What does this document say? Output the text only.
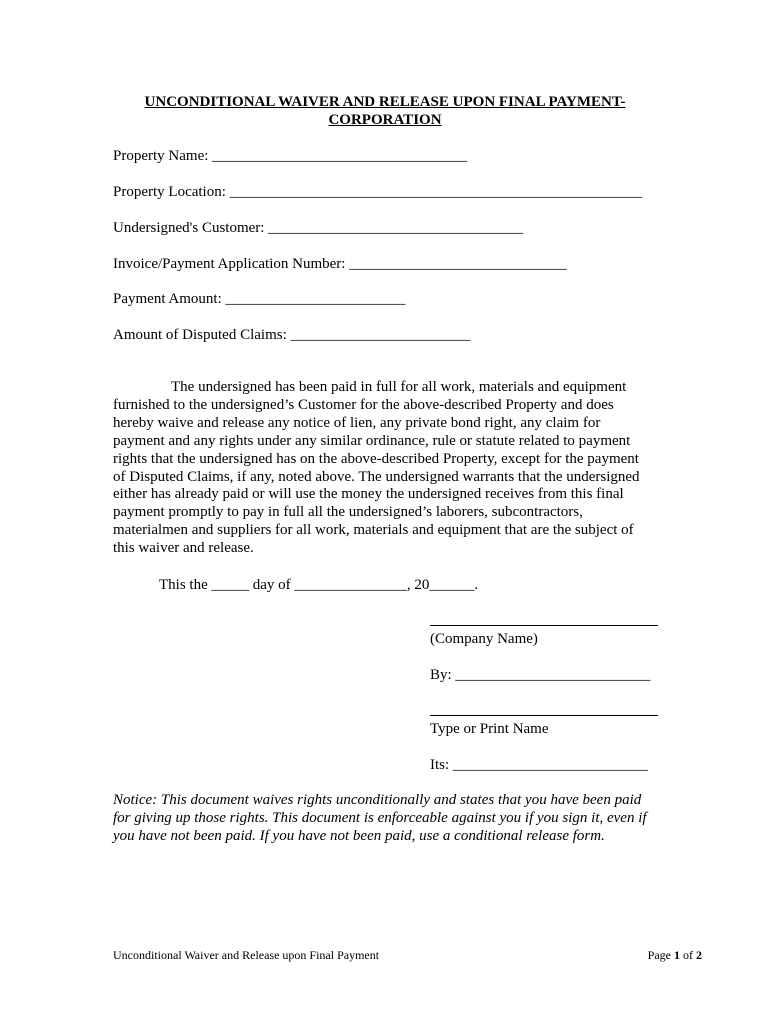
UNCONDITIONAL WAIVER AND RELEASE UPON FINAL PAYMENT-
CORPORATION
Property Name: __________________________________
Property Location: _______________________________________________________
Undersigned's Customer: __________________________________
Invoice/Payment Application Number: _____________________________
Payment Amount: ________________________
Amount of Disputed Claims: ________________________
The undersigned has been paid in full for all work, materials and equipment furnished to the undersigned’s Customer for the above-described Property and does hereby waive and release any notice of lien, any private bond right, any claim for payment and any rights under any similar ordinance, rule or statute related to payment rights that the undersigned has on the above-described Property, except for the payment of Disputed Claims, if any, noted above. The undersigned warrants that the undersigned either has already paid or will use the money the undersigned receives from this final payment promptly to pay in full all the undersigned’s laborers, subcontractors, materialmen and suppliers for all work, materials and equipment that are the subject of this waiver and release.
This the _____ day of _______________, 20______.
(Company Name)
By: __________________________
Type or Print Name
Its: __________________________
Notice: This document waives rights unconditionally and states that you have been paid for giving up those rights. This document is enforceable against you if you sign it, even if you have not been paid. If you have not been paid, use a conditional release form.
Unconditional Waiver and Release upon Final Payment	Page 1 of 2
